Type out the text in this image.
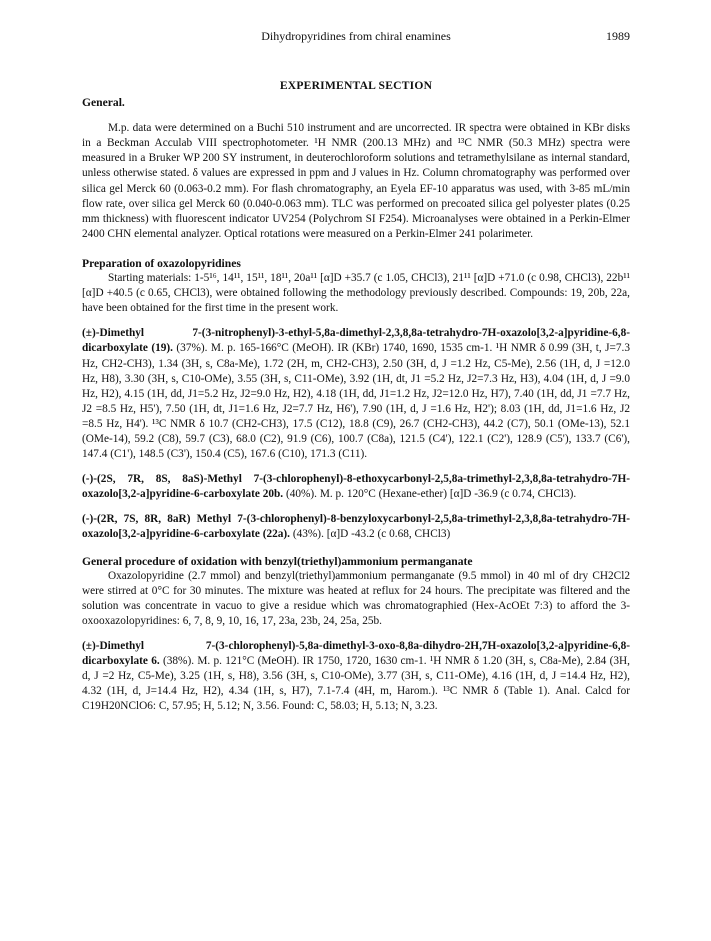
Dihydropyridines from chiral enamines	1989
EXPERIMENTAL SECTION
General.

M.p. data were determined on a Buchi 510 instrument and are uncorrected. IR spectra were obtained in KBr disks in a Beckman Acculab VIII spectrophotometer. ¹H NMR (200.13 MHz) and ¹³C NMR (50.3 MHz) spectra were measured in a Bruker WP 200 SY instrument, in deuterochloroform solutions and tetramethylsilane as internal standard, unless otherwise stated. δ values are expressed in ppm and J values in Hz. Column chromatography was performed over silica gel Merck 60 (0.063-0.2 mm). For flash chromatography, an Eyela EF-10 apparatus was used, with 3-85 mL/min flow rate, over silica gel Merck 60 (0.040-0.063 mm). TLC was performed on precoated silica gel polyester plates (0.25 mm thickness) with fluorescent indicator UV254 (Polychrom SI F254). Microanalyses were obtained in a Perkin-Elmer 2400 CHN elemental analyzer. Optical rotations were measured on a Perkin-Elmer 241 polarimeter.

Preparation of oxazolopyridines

Starting materials: 1-5¹⁶, 14¹¹, 15¹¹, 18¹¹, 20a¹¹ [α]D +35.7 (c 1.05, CHCl3), 21¹¹ [α]D +71.0 (c 0.98, CHCl3), 22b¹¹ [α]D +40.5 (c 0.65, CHCl3), were obtained following the methodology previously described. Compounds: 19, 20b, 22a, have been obtained for the first time in the present work.

(±)-Dimethyl 7-(3-nitrophenyl)-3-ethyl-5,8a-dimethyl-2,3,8,8a-tetrahydro-7H-oxazolo[3,2-a]pyridine-6,8-dicarboxylate (19). (37%). M. p. 165-166°C (MeOH). IR (KBr) 1740, 1690, 1535 cm-1. ¹H NMR δ 0.99 (3H, t, J=7.3 Hz, CH2-CH3), 1.34 (3H, s, C8a-Me), 1.72 (2H, m, CH2-CH3), 2.50 (3H, d, J =1.2 Hz, C5-Me), 2.56 (1H, d, J =12.0 Hz, H8), 3.30 (3H, s, C10-OMe), 3.55 (3H, s, C11-OMe), 3.92 (1H, dt, J1 =5.2 Hz, J2=7.3 Hz, H3), 4.04 (1H, d, J =9.0 Hz, H2), 4.15 (1H, dd, J1=5.2 Hz, J2=9.0 Hz, H2), 4.18 (1H, dd, J1=1.2 Hz, J2=12.0 Hz, H7), 7.40 (1H, dd, J1 =7.7 Hz, J2 =8.5 Hz, H5'), 7.50 (1H, dt, J1=1.6 Hz, J2=7.7 Hz, H6'), 7.90 (1H, d, J =1.6 Hz, H2'); 8.03 (1H, dd, J1=1.6 Hz, J2 =8.5 Hz, H4'). ¹³C NMR δ 10.7 (CH2-CH3), 17.5 (C12), 18.8 (C9), 26.7 (CH2-CH3), 44.2 (C7), 50.1 (OMe-13), 52.1 (OMe-14), 59.2 (C8), 59.7 (C3), 68.0 (C2), 91.9 (C6), 100.7 (C8a), 121.5 (C4'), 122.1 (C2'), 128.9 (C5'), 133.7 (C6'), 147.4 (C1'), 148.5 (C3'), 150.4 (C5), 167.6 (C10), 171.3 (C11).

(-)-(2S, 7R, 8S, 8aS)-Methyl 7-(3-chlorophenyl)-8-ethoxycarbonyl-2,5,8a-trimethyl-2,3,8,8a-tetrahydro-7H-oxazolo[3,2-a]pyridine-6-carboxylate 20b. (40%). M. p. 120°C (Hexane-ether) [α]D -36.9 (c 0.74, CHCl3).

(-)-(2R, 7S, 8R, 8aR) Methyl 7-(3-chlorophenyl)-8-benzyloxycarbonyl-2,5,8a-trimethyl-2,3,8,8a-tetrahydro-7H-oxazolo[3,2-a]pyridine-6-carboxylate (22a). (43%). [α]D -43.2 (c 0.68, CHCl3)

General procedure of oxidation with benzyl(triethyl)ammonium permanganate

Oxazolopyridine (2.7 mmol) and benzyl(triethyl)ammonium permanganate (9.5 mmol) in 40 ml of dry CH2Cl2 were stirred at 0°C for 30 minutes. The mixture was heated at reflux for 24 hours. The precipitate was filtered and the solution was concentrate in vacuo to give a residue which was chromatographied (Hex-AcOEt 7:3) to afford the 3-oxooxazolopyridines: 6, 7, 8, 9, 10, 16, 17, 23a, 23b, 24, 25a, 25b.

(±)-Dimethyl 7-(3-chlorophenyl)-5,8a-dimethyl-3-oxo-8,8a-dihydro-2H,7H-oxazolo[3,2-a]pyridine-6,8-dicarboxylate 6. (38%). M. p. 121°C (MeOH). IR 1750, 1720, 1630 cm-1. ¹H NMR δ 1.20 (3H, s, C8a-Me), 2.84 (3H, d, J =2 Hz, C5-Me), 3.25 (1H, s, H8), 3.56 (3H, s, C10-OMe), 3.77 (3H, s, C11-OMe), 4.16 (1H, d, J =14.4 Hz, H2), 4.32 (1H, d, J=14.4 Hz, H2), 4.34 (1H, s, H7), 7.1-7.4 (4H, m, Harom.). ¹³C NMR δ (Table 1). Anal. Calcd for C19H20NClO6: C, 57.95; H, 5.12; N, 3.56. Found: C, 58.03; H, 5.13; N, 3.23.
